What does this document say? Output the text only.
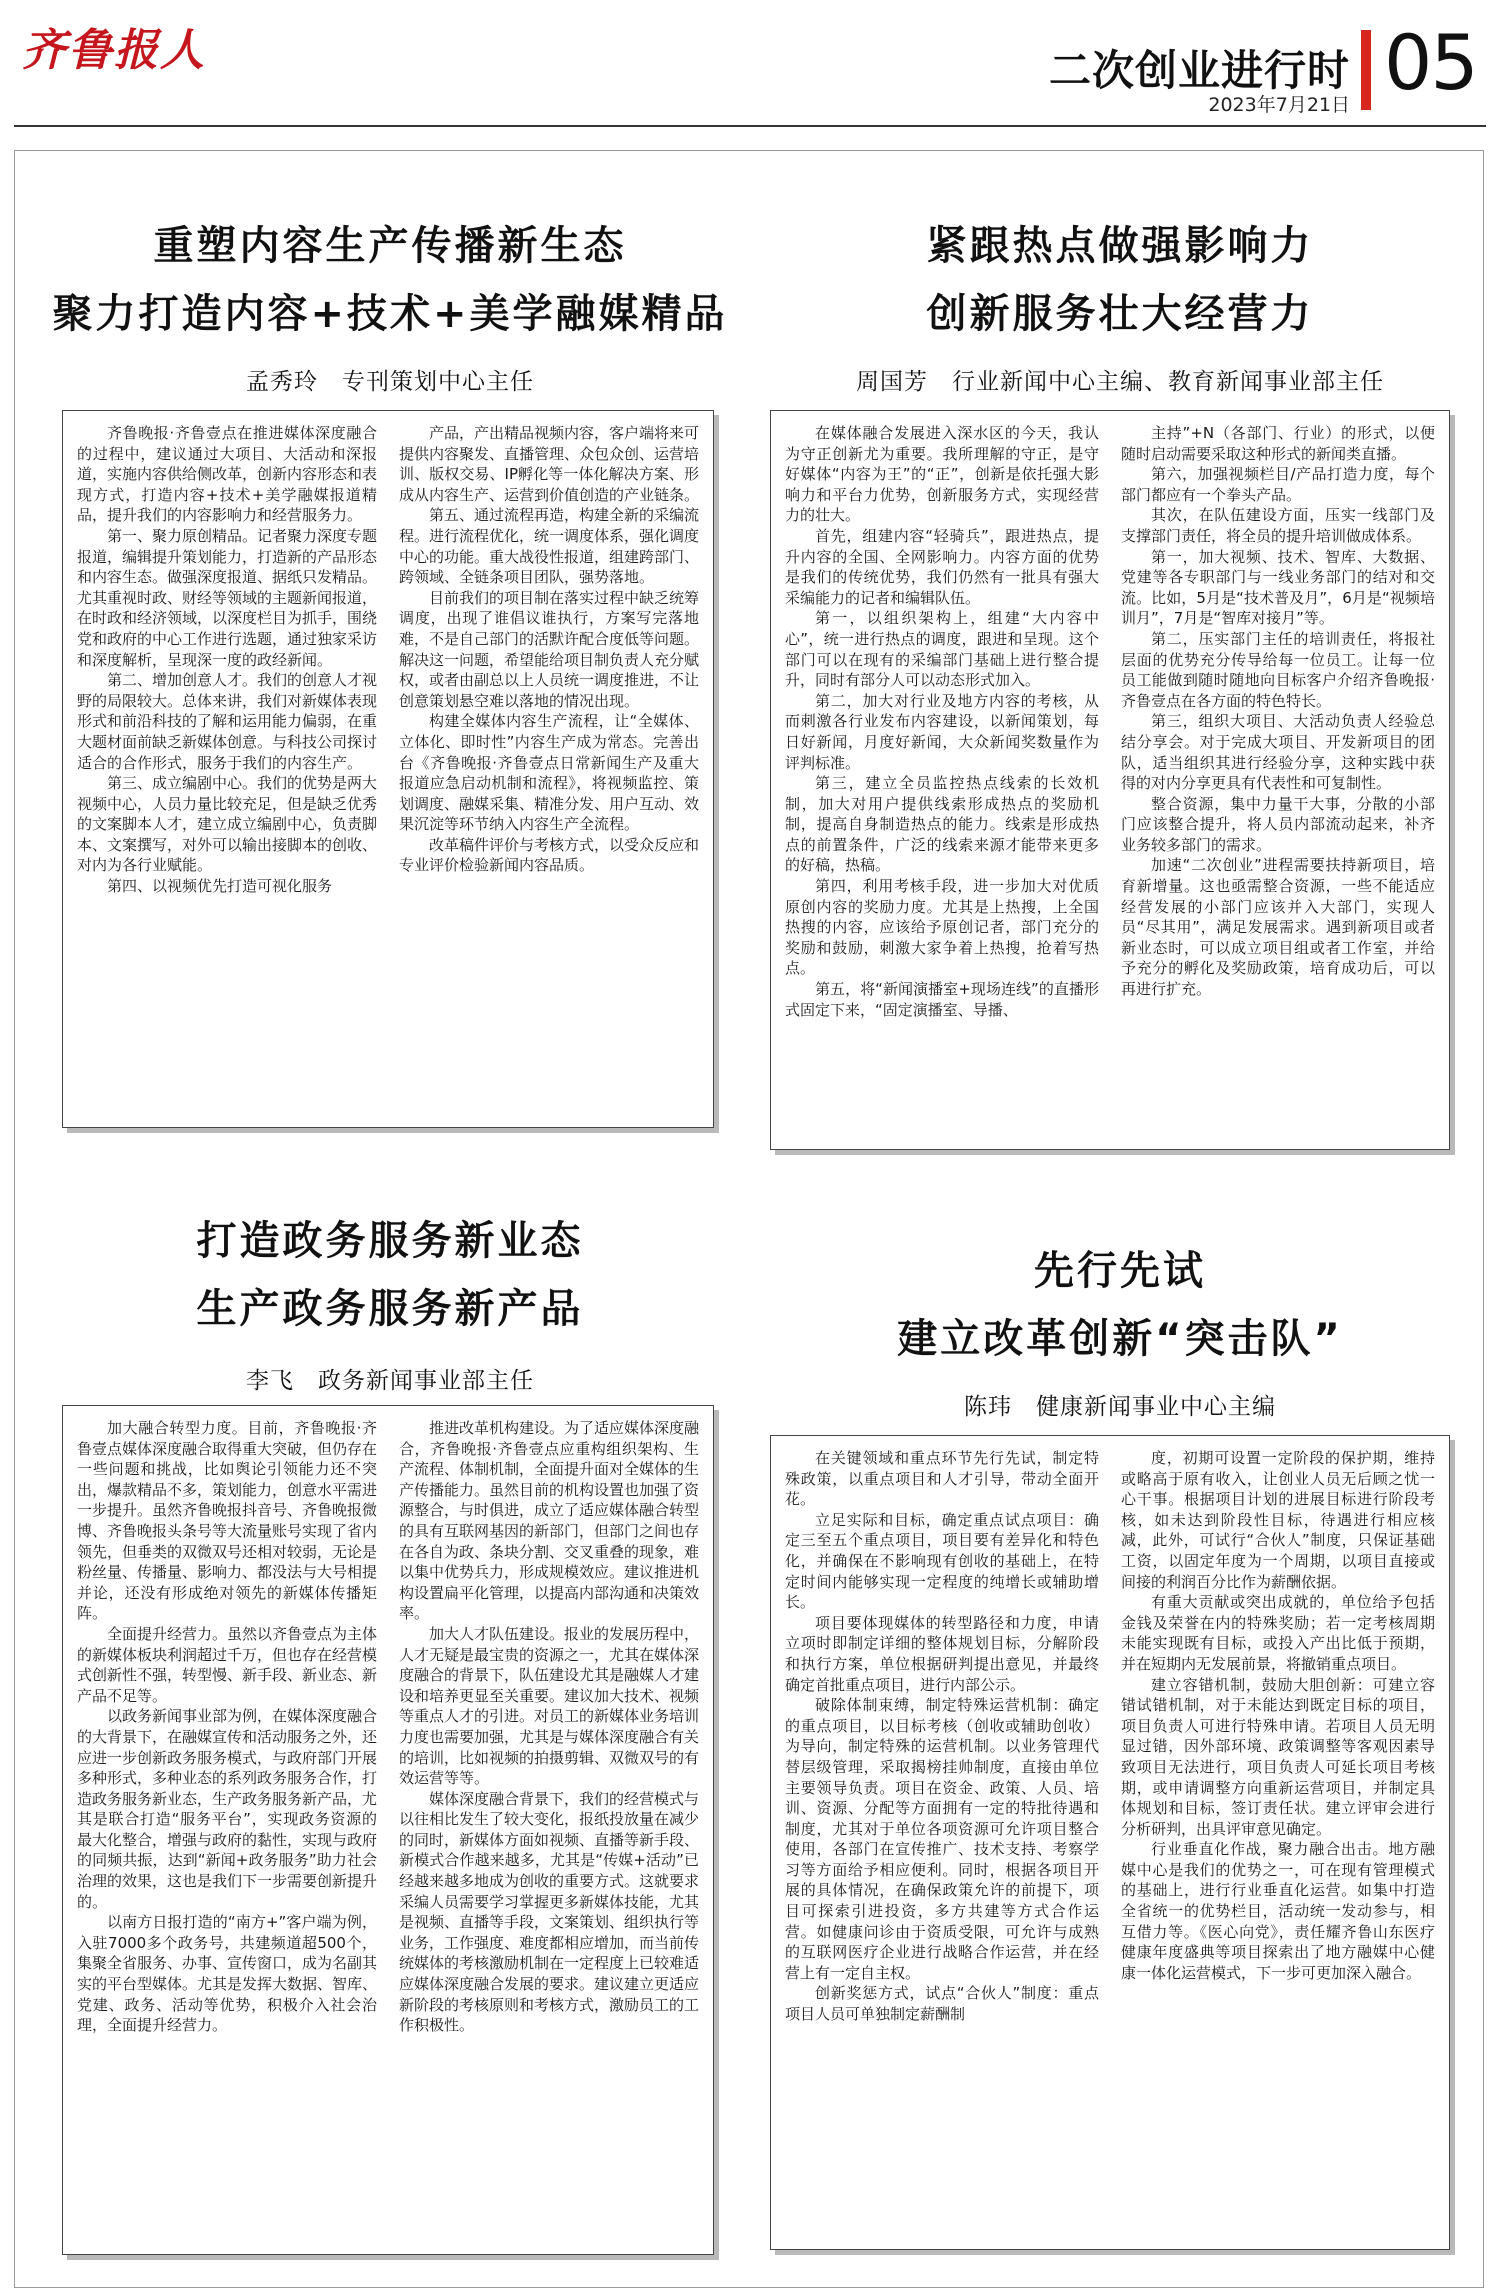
齐鲁报人	二次创业进行时
2023年7月21日 05
重塑内容生产传播新生态
聚力打造内容+技术+美学融媒精品
孟秀玲　专刊策划中心主任

齐鲁晚报·齐鲁壹点在推进媒体深度融合的过程中，建议通过大项目、大活动和深报道，实施内容供给侧改革，创新内容形态和表现方式，打造内容+技术+美学融媒报道精品，提升我们的内容影响力和经营服务力。

第一、聚力原创精品。记者聚力深度专题报道，编辑提升策划能力，打造新的产品形态和内容生态。做强深度报道、据纸只发精品。尤其重视时政、财经等领域的主题新闻报道，在时政和经济领域，以深度栏目为抓手，围绕党和政府的中心工作进行选题，通过独家采访和深度解析，呈现深一度的政经新闻。

第二、增加创意人才。我们的创意人才视野的局限较大。总体来讲，我们对新媒体表现形式和前沿科技的了解和运用能力偏弱，在重大题材面前缺乏新媒体创意。与科技公司探讨适合的合作形式，服务于我们的内容生产。

第三、成立编剧中心。我们的优势是两大视频中心，人员力量比较充足，但是缺乏优秀的文案脚本人才，建立成立编剧中心，负责脚本、文案撰写，对外可以输出接脚本的创收、对内为各行业赋能。

第四、以视频优先打造可视化服务

产品，产出精品视频内容，客户端将来可提供内容聚发、直播管理、众包众创、运营培训、版权交易、IP孵化等一体化解决方案、形成从内容生产、运营到价值创造的产业链条。

第五、通过流程再造，构建全新的采编流程。进行流程优化，统一调度体系，强化调度中心的功能。重大战役性报道，组建跨部门、跨领域、全链条项目团队，强势落地。

目前我们的项目制在落实过程中缺乏统筹调度，出现了谁倡议谁执行，方案写完落地难，不是自己部门的活默许配合度低等问题。解决这一问题，希望能给项目制负责人充分赋权，或者由副总以上人员统一调度推进，不让创意策划悬空难以落地的情况出现。

构建全媒体内容生产流程，让“全媒体、立体化、即时性”内容生产成为常态。完善出台《齐鲁晚报·齐鲁壹点日常新闻生产及重大报道应急启动机制和流程》，将视频监控、策划调度、融媒采集、精准分发、用户互动、效果沉淀等环节纳入内容生产全流程。

改革稿件评价与考核方式，以受众反应和专业评价检验新闻内容品质。

紧跟热点做强影响力
创新服务壮大经营力
周国芳　行业新闻中心主编、教育新闻事业部主任

在媒体融合发展进入深水区的今天，我认为守正创新尤为重要。我所理解的守正，是守好媒体“内容为王”的“正”，创新是依托强大影响力和平台力优势，创新服务方式，实现经营力的壮大。

首先，组建内容“轻骑兵”，跟进热点，提升内容的全国、全网影响力。内容方面的优势是我们的传统优势，我们仍然有一批具有强大采编能力的记者和编辑队伍。

第一，以组织架构上，组建“大内容中心”，统一进行热点的调度，跟进和呈现。这个部门可以在现有的采编部门基础上进行整合提升，同时有部分人可以动态形式加入。

第二，加大对行业及地方内容的考核，从而刺激各行业发布内容建设，以新闻策划，每日好新闻，月度好新闻，大众新闻奖数量作为评判标准。

第三，建立全员监控热点线索的长效机制，加大对用户提供线索形成热点的奖励机制，提高自身制造热点的能力。线索是形成热点的前置条件，广泛的线索来源才能带来更多的好稿，热稿。

第四，利用考核手段，进一步加大对优质原创内容的奖励力度。尤其是上热搜，上全国热搜的内容，应该给予原创记者，部门充分的奖励和鼓励，刺激大家争着上热搜，抢着写热点。

第五，将“新闻演播室+现场连线”的直播形式固定下来，“固定演播室、导播、

主持”+N（各部门、行业）的形式，以便随时启动需要采取这种形式的新闻类直播。

第六，加强视频栏目/产品打造力度，每个部门都应有一个拳头产品。

其次，在队伍建设方面，压实一线部门及支撑部门责任，将全员的提升培训做成体系。

第一，加大视频、技术、智库、大数据、党建等各专职部门与一线业务部门的结对和交流。比如，5月是“技术普及月”，6月是“视频培训月”，7月是“智库对接月”等。

第二，压实部门主任的培训责任，将报社层面的优势充分传导给每一位员工。让每一位员工能做到随时随地向目标客户介绍齐鲁晚报·齐鲁壹点在各方面的特色特长。

第三，组织大项目、大活动负责人经验总结分享会。对于完成大项目、开发新项目的团队，适当组织其进行经验分享，这种实践中获得的对内分享更具有代表性和可复制性。

整合资源，集中力量干大事，分散的小部门应该整合提升，将人员内部流动起来，补齐业务较多部门的需求。

加速“二次创业”进程需要扶持新项目，培育新增量。这也亟需整合资源，一些不能适应经营发展的小部门应该并入大部门，实现人员“尽其用”，满足发展需求。遇到新项目或者新业态时，可以成立项目组或者工作室，并给予充分的孵化及奖励政策，培育成功后，可以再进行扩充。

打造政务服务新业态
生产政务服务新产品
李飞　政务新闻事业部主任

加大融合转型力度。目前，齐鲁晚报·齐鲁壹点媒体深度融合取得重大突破，但仍存在一些问题和挑战，比如舆论引领能力还不突出，爆款精品不多，策划能力，创意水平需进一步提升。虽然齐鲁晚报抖音号、齐鲁晚报微博、齐鲁晚报头条号等大流量账号实现了省内领先，但垂类的双微双号还相对较弱，无论是粉丝量、传播量、影响力、都没法与大号相提并论，还没有形成绝对领先的新媒体传播矩阵。

全面提升经营力。虽然以齐鲁壹点为主体的新媒体板块利润超过千万，但也存在经营模式创新性不强，转型慢、新手段、新业态、新产品不足等。

以政务新闻事业部为例，在媒体深度融合的大背景下，在融媒宣传和活动服务之外，还应进一步创新政务服务模式，与政府部门开展多种形式，多种业态的系列政务服务合作，打造政务服务新业态，生产政务服务新产品，尤其是联合打造“服务平台”，实现政务资源的最大化整合，增强与政府的黏性，实现与政府的同频共振，达到“新闻+政务服务”助力社会治理的效果，这也是我们下一步需要创新提升的。

以南方日报打造的“南方+”客户端为例，入驻7000多个政务号，共建频道超500个，集聚全省服务、办事、宣传窗口，成为名副其实的平台型媒体。尤其是发挥大数据、智库、党建、政务、活动等优势，积极介入社会治理，全面提升经营力。

推进改革机构建设。为了适应媒体深度融合，齐鲁晚报·齐鲁壹点应重构组织架构、生产流程、体制机制，全面提升面对全媒体的生产传播能力。虽然目前的机构设置也加强了资源整合，与时俱进，成立了适应媒体融合转型的具有互联网基因的新部门，但部门之间也存在各自为政、条块分割、交叉重叠的现象，难以集中优势兵力，形成规模效应。建议推进机构设置扁平化管理，以提高内部沟通和决策效率。

加大人才队伍建设。报业的发展历程中，人才无疑是最宝贵的资源之一，尤其在媒体深度融合的背景下，队伍建设尤其是融媒人才建设和培养更显至关重要。建议加大技术、视频等重点人才的引进。对员工的新媒体业务培训力度也需要加强，尤其是与媒体深度融合有关的培训，比如视频的拍摄剪辑、双微双号的有效运营等等。

媒体深度融合背景下，我们的经营模式与以往相比发生了较大变化，报纸投放量在减少的同时，新媒体方面如视频、直播等新手段、新模式合作越来越多，尤其是“传媒+活动”已经越来越多地成为创收的重要方式。这就要求采编人员需要学习掌握更多新媒体技能，尤其是视频、直播等手段，文案策划、组织执行等业务，工作强度、难度都相应增加，而当前传统媒体的考核激励机制在一定程度上已较难适应媒体深度融合发展的要求。建议建立更适应新阶段的考核原则和考核方式，激励员工的工作积极性。

先行先试
建立改革创新“突击队”
陈玮　健康新闻事业中心主编

在关键领域和重点环节先行先试，制定特殊政策，以重点项目和人才引导，带动全面开花。

立足实际和目标，确定重点试点项目：确定三至五个重点项目，项目要有差异化和特色化，并确保在不影响现有创收的基础上，在特定时间内能够实现一定程度的纯增长或辅助增长。

项目要体现媒体的转型路径和力度，申请立项时即制定详细的整体规划目标，分解阶段和执行方案，单位根据研判提出意见，并最终确定首批重点项目，进行内部公示。

破除体制束缚，制定特殊运营机制：确定的重点项目，以目标考核（创收或辅助创收）为导向，制定特殊的运营机制。以业务管理代替层级管理，采取揭榜挂帅制度，直接由单位主要领导负责。项目在资金、政策、人员、培训、资源、分配等方面拥有一定的特批待遇和制度，尤其对于单位各项资源可允许项目整合使用，各部门在宣传推广、技术支持、考察学习等方面给予相应便利。同时，根据各项目开展的具体情况，在确保政策允许的前提下，项目可探索引进投资，多方共建等方式合作运营。如健康问诊由于资质受限，可允许与成熟的互联网医疗企业进行战略合作运营，并在经营上有一定自主权。

创新奖惩方式，试点“合伙人”制度：重点项目人员可单独制定薪酬制

度，初期可设置一定阶段的保护期，维持或略高于原有收入，让创业人员无后顾之忧一心干事。根据项目计划的进展目标进行阶段考核，如未达到阶段性目标，待遇进行相应核减，此外，可试行“合伙人”制度，只保证基础工资，以固定年度为一个周期，以项目直接或间接的利润百分比作为薪酬依据。

有重大贡献或突出成就的，单位给予包括金钱及荣誉在内的特殊奖励；若一定考核周期未能实现既有目标，或投入产出比低于预期，并在短期内无发展前景，将撤销重点项目。

建立容错机制，鼓励大胆创新：可建立容错试错机制，对于未能达到既定目标的项目，项目负责人可进行特殊申请。若项目人员无明显过错，因外部环境、政策调整等客观因素导致项目无法进行，项目负责人可延长项目考核期，或申请调整方向重新运营项目，并制定具体规划和目标，签订责任状。建立评审会进行分析研判，出具评审意见确定。

行业垂直化作战，聚力融合出击。地方融媒中心是我们的优势之一，可在现有管理模式的基础上，进行行业垂直化运营。如集中打造全省统一的优势栏目，活动统一发动参与，相互借力等。《医心向党》，责任耀齐鲁山东医疗健康年度盛典等项目探索出了地方融媒中心健康一体化运营模式，下一步可更加深入融合。
